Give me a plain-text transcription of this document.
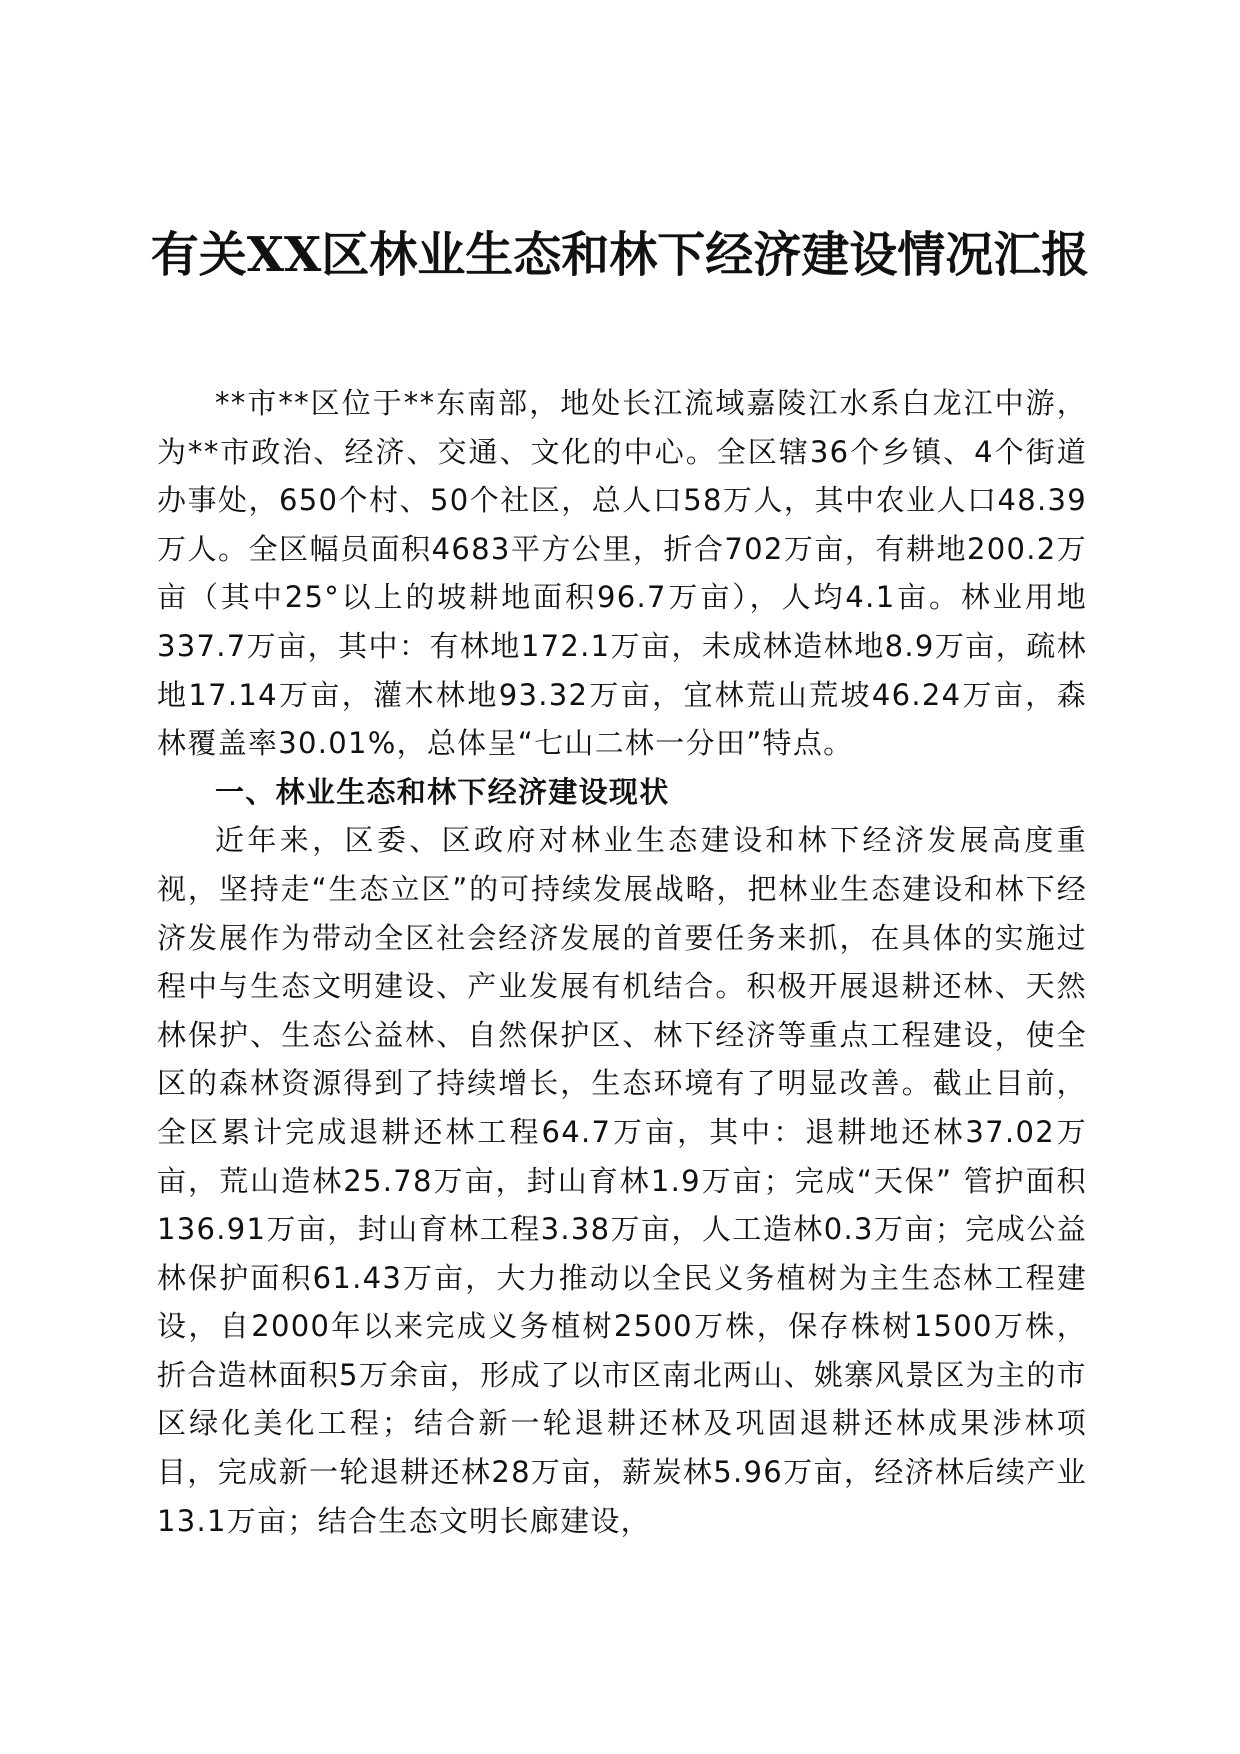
有关XX区林业生态和林下经济建设情况汇报

**市**区位于**东南部，地处长江流域嘉陵江水系白龙江中游，为**市政治、经济、交通、文化的中心。全区辖36个乡镇、4个街道办事处，650个村、50个社区，总人口58万人，其中农业人口48.39万人。全区幅员面积4683平方公里，折合702万亩，有耕地200.2万亩（其中25°以上的坡耕地面积96.7万亩），人均4.1亩。林业用地337.7万亩，其中：有林地172.1万亩，未成林造林地8.9万亩，疏林地17.14万亩，灌木林地93.32万亩，宜林荒山荒坡46.24万亩，森林覆盖率30.01%，总体呈“七山二林一分田”特点。

一、林业生态和林下经济建设现状

近年来，区委、区政府对林业生态建设和林下经济发展高度重视，坚持走“生态立区”的可持续发展战略，把林业生态建设和林下经济发展作为带动全区社会经济发展的首要任务来抓，在具体的实施过程中与生态文明建设、产业发展有机结合。积极开展退耕还林、天然林保护、生态公益林、自然保护区、林下经济等重点工程建设，使全区的森林资源得到了持续增长，生态环境有了明显改善。截止目前，全区累计完成退耕还林工程64.7万亩，其中：退耕地还林37.02万亩，荒山造林25.78万亩，封山育林1.9万亩；完成“天保” 管护面积136.91万亩，封山育林工程3.38万亩，人工造林0.3万亩；完成公益林保护面积61.43万亩，大力推动以全民义务植树为主生态林工程建设，自2000年以来完成义务植树2500万株，保存株树1500万株，折合造林面积5万余亩，形成了以市区南北两山、姚寨风景区为主的市区绿化美化工程；结合新一轮退耕还林及巩固退耕还林成果涉林项目，完成新一轮退耕还林28万亩，薪炭林5.96万亩，经济林后续产业13.1万亩；结合生态文明长廊建设，
